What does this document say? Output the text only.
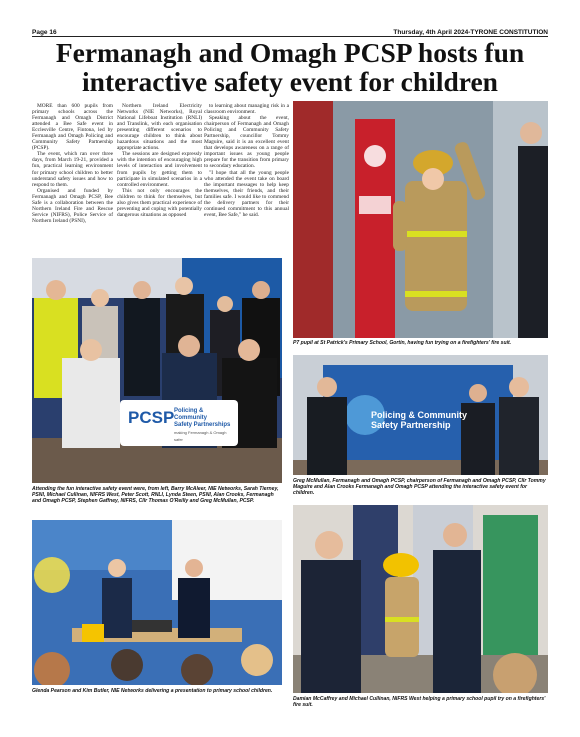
Page 16	Thursday, 4th April 2024-TYRONE CONSTITUTION
Fermanagh and Omagh PCSP hosts fun
interactive safety event for children

MORE than 600 pupils from primary schools across the Fermanagh and Omagh District attended a Bee Safe event in Ecclesville Centre, Fintona, led by Fermanagh and Omagh Policing and Community Safety Partnership (PCSP).

The event, which ran over three days, from March 19-21, provided a fun, practical learning environment for primary school children to better understand safety issues and how to respond to them.

Organised and funded by Fermanagh and Omagh PCSP, Bee Safe is a collaboration between the Northern Ireland Fire and Rescue Service (NIFRS), Police Service of Northern Ireland (PSNI),

Northern Ireland Electricity Networks (NIE Networks), Royal National Lifeboat Institution (RNLI) and Translink, with each organisation presenting different scenarios to encourage children to think about hazardous situations and the most appropriate actions.

The sessions are designed expressly with the intention of encouraging high levels of interaction and involvement from pupils by getting them to participate in simulated scenarios in a controlled environment.

This not only encourages the children to think for themselves, but also gives them practical experience of preventing and coping with potentially dangerous situations as opposed

to learning about managing risk in a classroom environment.

Speaking about the event, chairperson of Fermanagh and Omagh Policing and Community Safety Partnership, councillor Tommy Maguire, said it is an excellent event that develops awareness on a range of important issues as young people prepare for the transition from primary to secondary education.

"I hope that all the young people who attended the event take on board the important messages to help keep themselves, their friends, and their families safe. I would like to commend the delivery partners for their continued commitment to this annual event, Bee Safe," he said.

P7 pupil at St Patrick's Primary School, Gortin, having fun trying on a firefighters' fire suit.
PCSP Policing & Community
Safety Partnerships
making Fermanagh & Omagh safer
Attending the fun interactive safety event were, from left, Barry McAleer, NIE Networks, Sarah Tierney, PSNI, Michael Cullinan, NIFRS West, Peter Scott, RNLI, Lynda Steen, PSNI, Alan Crooks, Fermanagh and Omagh PCSP, Stephen Gaffney, NIFRS, Cllr Thomas O'Reilly and Greg McMullan, PCSP.
Policing & Community
Safety Partnership
Greg McMullan, Fermanagh and Omagh PCSP, chairperson of Fermanagh and Omagh PCSP, Cllr Tommy Maguire and Alan Crooks Fermanagh and Omagh PCSP attending the interactive safety event for children.
Glenda Pearson and Kim Butler, NIE Networks delivering a presentation to primary school children.
Damian McCaffrey and Michael Cullinan, NIFRS West helping a primary school pupil try on a firefighters' fire suit.
